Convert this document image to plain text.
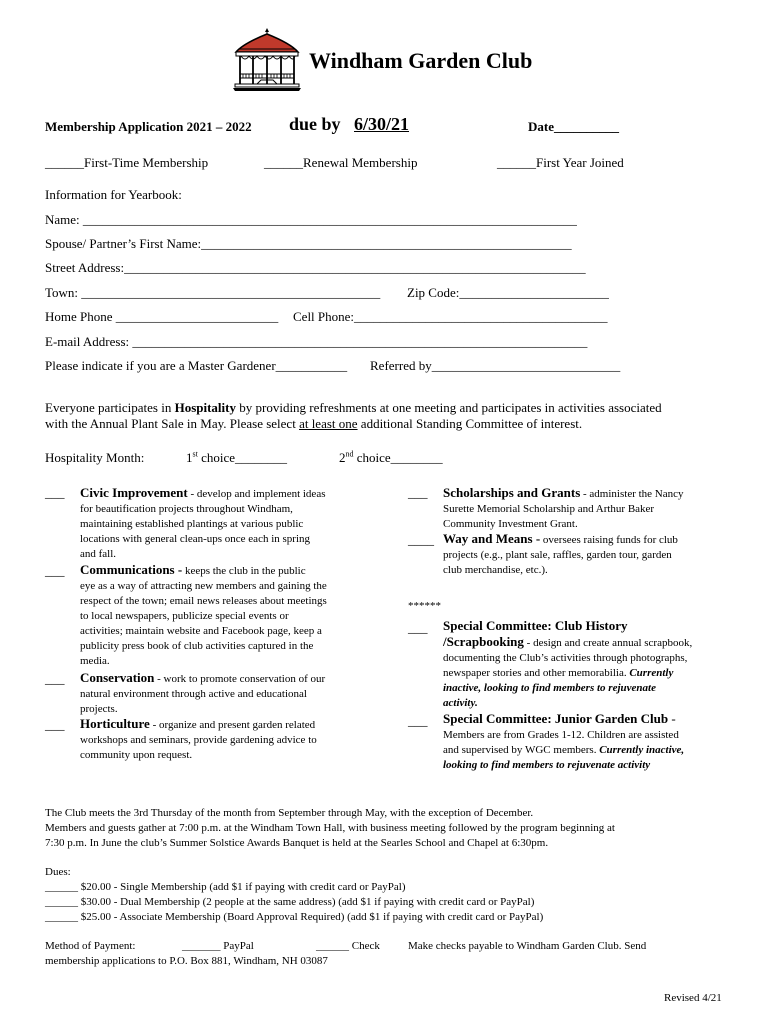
Windham Garden Club
Membership Application 2021 – 2022 due by 6/30/21	Date__________
______First-Time Membership	______Renewal Membership	______First Year Joined
Information for Yearbook:
Name: ____________________________________________________________________________
Spouse/ Partner’s First Name:_________________________________________________________
Street Address:_______________________________________________________________________
Town: ______________________________________________	Zip Code:_______________________
Home Phone _________________________	Cell Phone:_______________________________________
E-mail Address: ______________________________________________________________________
Please indicate if you are a Master Gardener___________ Referred by_____________________________
Everyone participates in Hospitality by providing refreshments at one meeting and participates in activities associated
with the Annual Plant Sale in May. Please select at least one additional Standing Committee of interest.
Hospitality Month:	1st choice________	2nd choice________
___ Civic Improvement - develop and implement ideas

for beautification projects throughout Windham,

maintaining established plantings at various public

locations with general clean-ups once each in spring

and fall.

___ Communications - keeps the club in the public

eye as a way of attracting new members and gaining the

respect of the town; email news releases about meetings

to local newspapers, publicize special events or

activities; maintain website and Facebook page, keep a

publicity press book of club activities captured in the

media.

___ Conservation - work to promote conservation of our

natural environment through active and educational

projects.

___ Horticulture - organize and present garden related

workshops and seminars, provide gardening advice to

community upon request.

___ Scholarships and Grants - administer the Nancy

Surette Memorial Scholarship and Arthur Baker

Community Investment Grant.

____ Way and Means - oversees raising funds for club

projects (e.g., plant sale, raffles, garden tour, garden

club merchandise, etc.).

******
___ Special Committee: Club History

/Scrapbooking - design and create annual scrapbook,

documenting the Club’s activities through photographs,

newspaper stories and other memorabilia. Currently

inactive, looking to find members to rejuvenate

activity.

___ Special Committee: Junior Garden Club -

Members are from Grades 1-12. Children are assisted

and supervised by WGC members. Currently inactive,

looking to find members to rejuvenate activity

The Club meets the 3rd Thursday of the month from September through May, with the exception of December.

Members and guests gather at 7:00 p.m. at the Windham Town Hall, with business meeting followed by the program beginning at

7:30 p.m. In June the club’s Summer Solstice Awards Banquet is held at the Searles School and Chapel at 6:30pm.

Dues:

______ $20.00 - Single Membership (add $1 if paying with credit card or PayPal)

______ $30.00 - Dual Membership (2 people at the same address) (add $1 if paying with credit card or PayPal)

______ $25.00 - Associate Membership (Board Approval Required) (add $1 if paying with credit card or PayPal)

Method of Payment:	_______ PayPal	______ Check	Make checks payable to Windham Garden Club. Send
membership applications to P.O. Box 881, Windham, NH 03087
Revised 4/21
